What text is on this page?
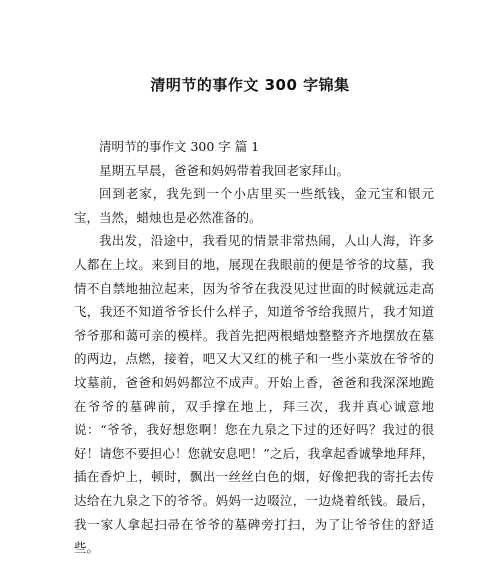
清明节的事作文 300 字锦集

清明节的事作文 300 字 篇 1

星期五早晨，爸爸和妈妈带着我回老家拜山。

回到老家，我先到一个小店里买一些纸钱，金元宝和银元宝，当然，蜡烛也是必然准备的。

我出发，沿途中，我看见的情景非常热闹，人山人海，许多人都在上坟。来到目的地，展现在我眼前的便是爷爷的坟墓，我情不自禁地抽泣起来，因为爷爷在我没见过世面的时候就远走高飞，我还不知道爷爷长什么样子，知道爷爷给我照片，我才知道爷爷那和蔼可亲的模样。我首先把两根蜡烛整整齐齐地摆放在墓的两边，点燃，接着，吧又大又红的桃子和一些小菜放在爷爷的坟墓前，爸爸和妈妈都泣不成声。开始上香，爸爸和我深深地跪在爷爷的墓碑前，双手撑在地上，拜三次，我并真心诚意地说：“爷爷，我好想您啊！您在九泉之下过的还好吗？我过的很好！请您不要担心！您就安息吧！”之后，我拿起香诚挚地拜拜，插在香炉上，顿时，飘出一丝丝白色的烟，好像把我的寄托去传达给在九泉之下的爷爷。妈妈一边啜泣，一边烧着纸钱。最后，我一家人拿起扫帚在爷爷的墓碑旁打扫，为了让爷爷住的舒适些。
